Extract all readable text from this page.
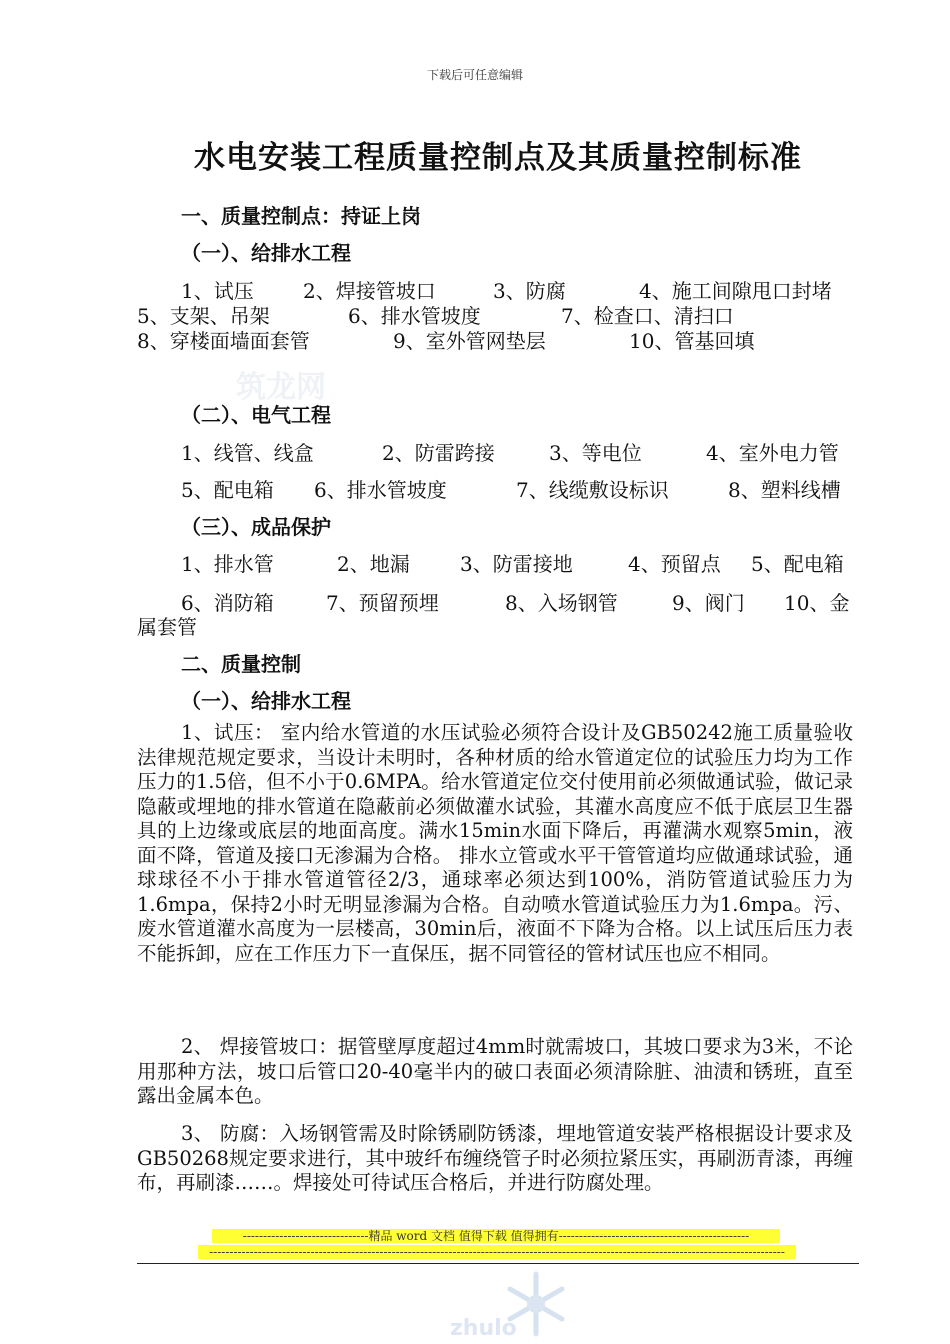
下载后可任意编辑
筑龙网
水电安装工程质量控制点及其质量控制标准
一、质量控制点：持证上岗
（一）、给排水工程
1、试压 2、焊接管坡口	3、防腐	4、施工间隙甩口封堵
5、支架、吊架	6、排水管坡度	7、检查口、清扫口
8、穿楼面墙面套管	9、室外管网垫层	10、管基回填
（二）、电气工程
1、线管、线盒	2、防雷跨接	3、等电位	4、室外电力管
5、配电箱 6、排水管坡度	7、线缆敷设标识	8、塑料线槽
（三）、成品保护
1、排水管	2、地漏	3、防雷接地	4、预留点 5、配电箱
6、消防箱	7、预留预埋	8、入场钢管	9、阀门 10、金
属套管
二、质量控制
（一）、给排水工程
1、试压： 室内给水管道的水压试验必须符合设计及GB50242施工质量验收法律规范规定要求，当设计未明时，各种材质的给水管道定位的试验压力均为工作压力的1.5倍，但不小于0.6MPA。给水管道定位交付使用前必须做通试验，做记录隐蔽或埋地的排水管道在隐蔽前必须做灌水试验，其灌水高度应不低于底层卫生器具的上边缘或底层的地面高度。满水15min水面下降后，再灌满水观察5min，液面不降，管道及接口无渗漏为合格。 排水立管或水平干管管道均应做通球试验，通球球径不小于排水管道管径2/3，通球率必须达到100%，消防管道试验压力为1.6mpa，保持2小时无明显渗漏为合格。自动喷水管道试验压力为1.6mpa。污、废水管道灌水高度为一层楼高，30min后，液面不下降为合格。以上试压后压力表不能拆卸，应在工作压力下一直保压，据不同管径的管材试压也应不相同。
2、 焊接管坡口：据管壁厚度超过4mm时就需坡口，其坡口要求为3米，不论用那种方法，坡口后管口20-40毫半内的破口表面必须清除脏、油渍和锈班，直至露出金属本色。
3、 防腐：入场钢管需及时除锈刷防锈漆，埋地管道安装严格根据设计要求及GB50268规定要求进行，其中玻纤布缠绕管子时必须拉紧压实，再刷沥青漆，再缠布，再刷漆……。焊接处可待试压合格后，并进行防腐处理。
-------------------------------精品 word 文档 值得下载 值得拥有-----------------------------------------------
----------------------------------------------------------------------------------------------------------------------------------------------
zhulo
